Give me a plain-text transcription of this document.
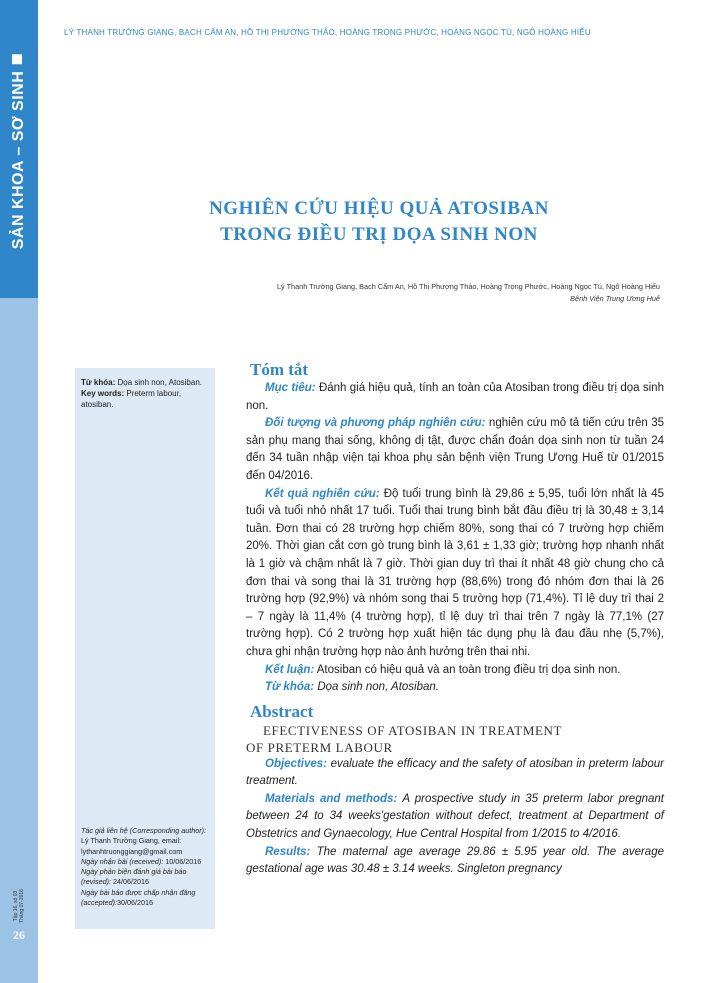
SẢN KHOA – SƠ SINH
Tập 16, số 03 Tháng 07-2016
26
LÝ THANH TRƯỜNG GIANG, BẠCH CẨM AN, HỒ THỊ PHƯƠNG THẢO, HOÀNG TRỌNG PHƯỚC, HOÀNG NGỌC TÚ, NGÔ HOÀNG HIẾU
NGHIÊN CỨU HIỆU QUẢ ATOSIBAN
TRONG ĐIỀU TRỊ DỌA SINH NON
Lý Thanh Trường Giang, Bạch Cẩm An, Hồ Thị Phương Thảo, Hoàng Trọng Phước, Hoàng Ngọc Tú, Ngô Hoàng Hiếu
Bệnh Viện Trung Ương Huế
Từ khóa: Dọa sinh non, Atosiban.
Key words: Preterm labour, atosiban.
Tác giả liên hệ (Corresponding author):
Lý Thanh Trường Giang, email:
lythanhtruonggiang@gmail.com
Ngày nhận bài (received): 10/06/2016
Ngày phản biện đánh giá bài báo (revised): 24/06/2016
Ngày bài báo được chấp nhận đăng (accepted):30/06/2016
Tóm tắt

Mục tiêu: Đánh giá hiệu quả, tính an toàn của Atosiban trong điều trị dọa sinh non.

Đối tượng và phương pháp nghiên cứu: nghiên cứu mô tả tiến cứu trên 35 sản phụ mang thai sống, không dị tật, được chẩn đoán dọa sinh non từ tuần 24 đến 34 tuần nhập viện tại khoa phụ sản bệnh viện Trung Ương Huế từ 01/2015 đến 04/2016.

Kết quả nghiên cứu: Độ tuổi trung bình là 29,86 ± 5,95, tuổi lớn nhất là 45 tuổi và tuổi nhỏ nhất 17 tuổi. Tuổi thai trung bình bắt đầu điều trị là 30,48 ± 3,14 tuần. Đơn thai có 28 trường hợp chiếm 80%, song thai có 7 trường hợp chiếm 20%. Thời gian cắt cơn gò trung bình là 3,61 ± 1,33 giờ; trường hợp nhanh nhất là 1 giờ và chậm nhất là 7 giờ. Thời gian duy trì thai ít nhất 48 giờ chung cho cả đơn thai và song thai là 31 trường hợp (88,6%) trong đó nhóm đơn thai là 26 trường hợp (92,9%) và nhóm song thai 5 trường hợp (71,4%). Tỉ lệ duy trì thai 2 – 7 ngày là 11,4% (4 trường hợp), tỉ lệ duy trì thai trên 7 ngày là 77,1% (27 trường hợp). Có 2 trường hợp xuất hiện tác dụng phụ là đau đầu nhẹ (5,7%), chưa ghi nhận trường hợp nào ảnh hưởng trên thai nhi.

Kết luận: Atosiban có hiệu quả và an toàn trong điều trị dọa sinh non.

Từ khóa: Dọa sinh non, Atosiban.

Abstract

EFECTIVENESS OF ATOSIBAN IN TREATMENT

OF PRETERM LABOUR

Objectives: evaluate the efficacy and the safety of atosiban in preterm labour treatment.

Materials and methods: A prospective study in 35 preterm labor pregnant between 24 to 34 weeks'gestation without defect, treatment at Department of Obstetrics and Gynaecology, Hue Central Hospital from 1/2015 to 4/2016.

Results: The maternal age average 29.86 ± 5.95 year old. The average gestational age was 30.48 ± 3.14 weeks. Singleton pregnancy
